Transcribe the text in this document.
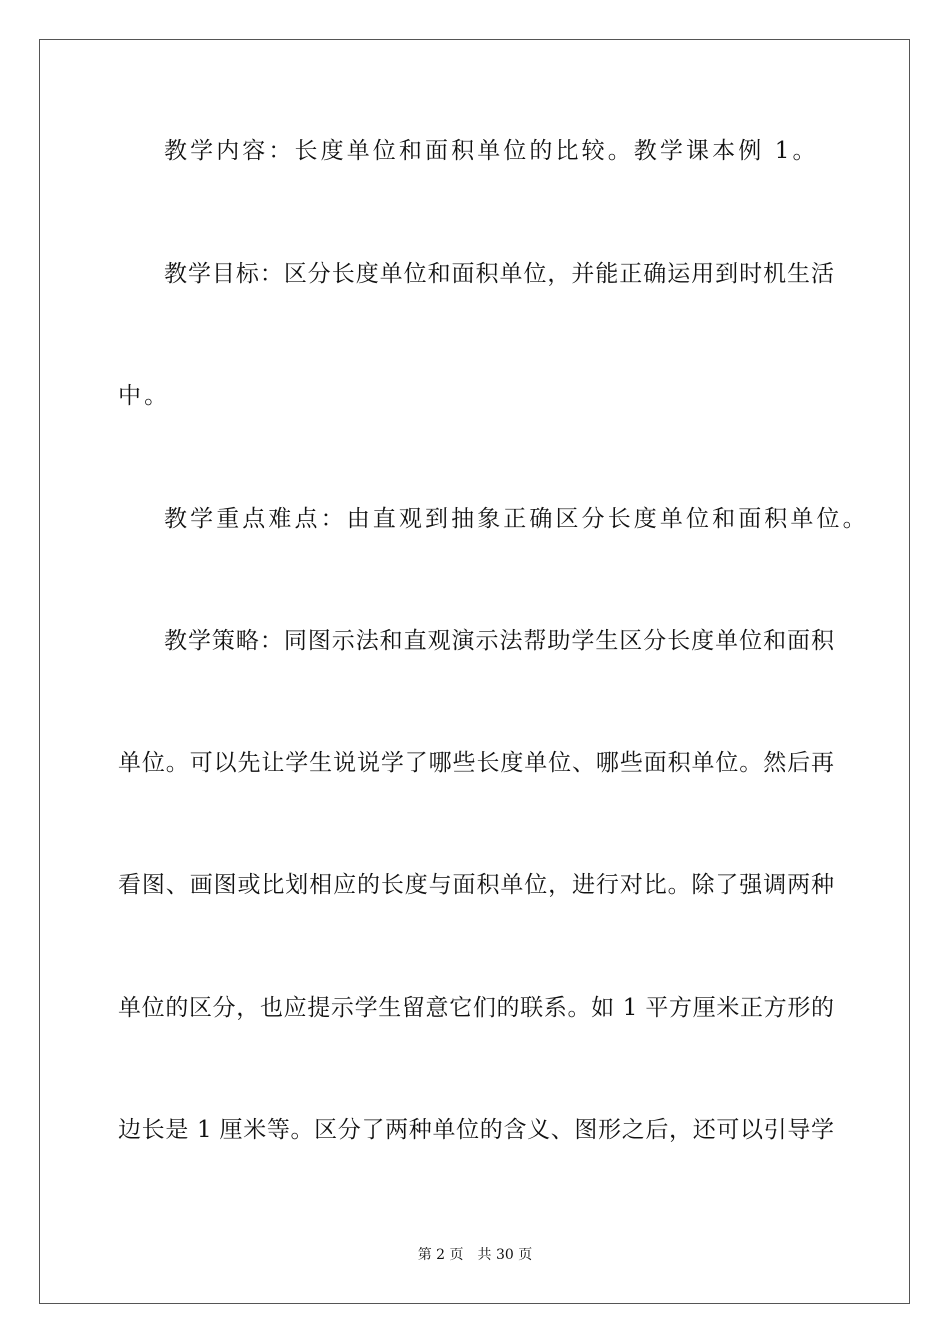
教学内容：长度单位和面积单位的比较。教学课本例 1。
教学目标：区分长度单位和面积单位，并能正确运用到时机生活
中。
教学重点难点：由直观到抽象正确区分长度单位和面积单位。
教学策略：同图示法和直观演示法帮助学生区分长度单位和面积
单位。可以先让学生说说学了哪些长度单位、哪些面积单位。然后再
看图、画图或比划相应的长度与面积单位，进行对比。除了强调两种
单位的区分，也应提示学生留意它们的联系。如 1 平方厘米正方形的
边长是 1 厘米等。区分了两种单位的含义、图形之后，还可以引导学
第 2 页 共 30 页
